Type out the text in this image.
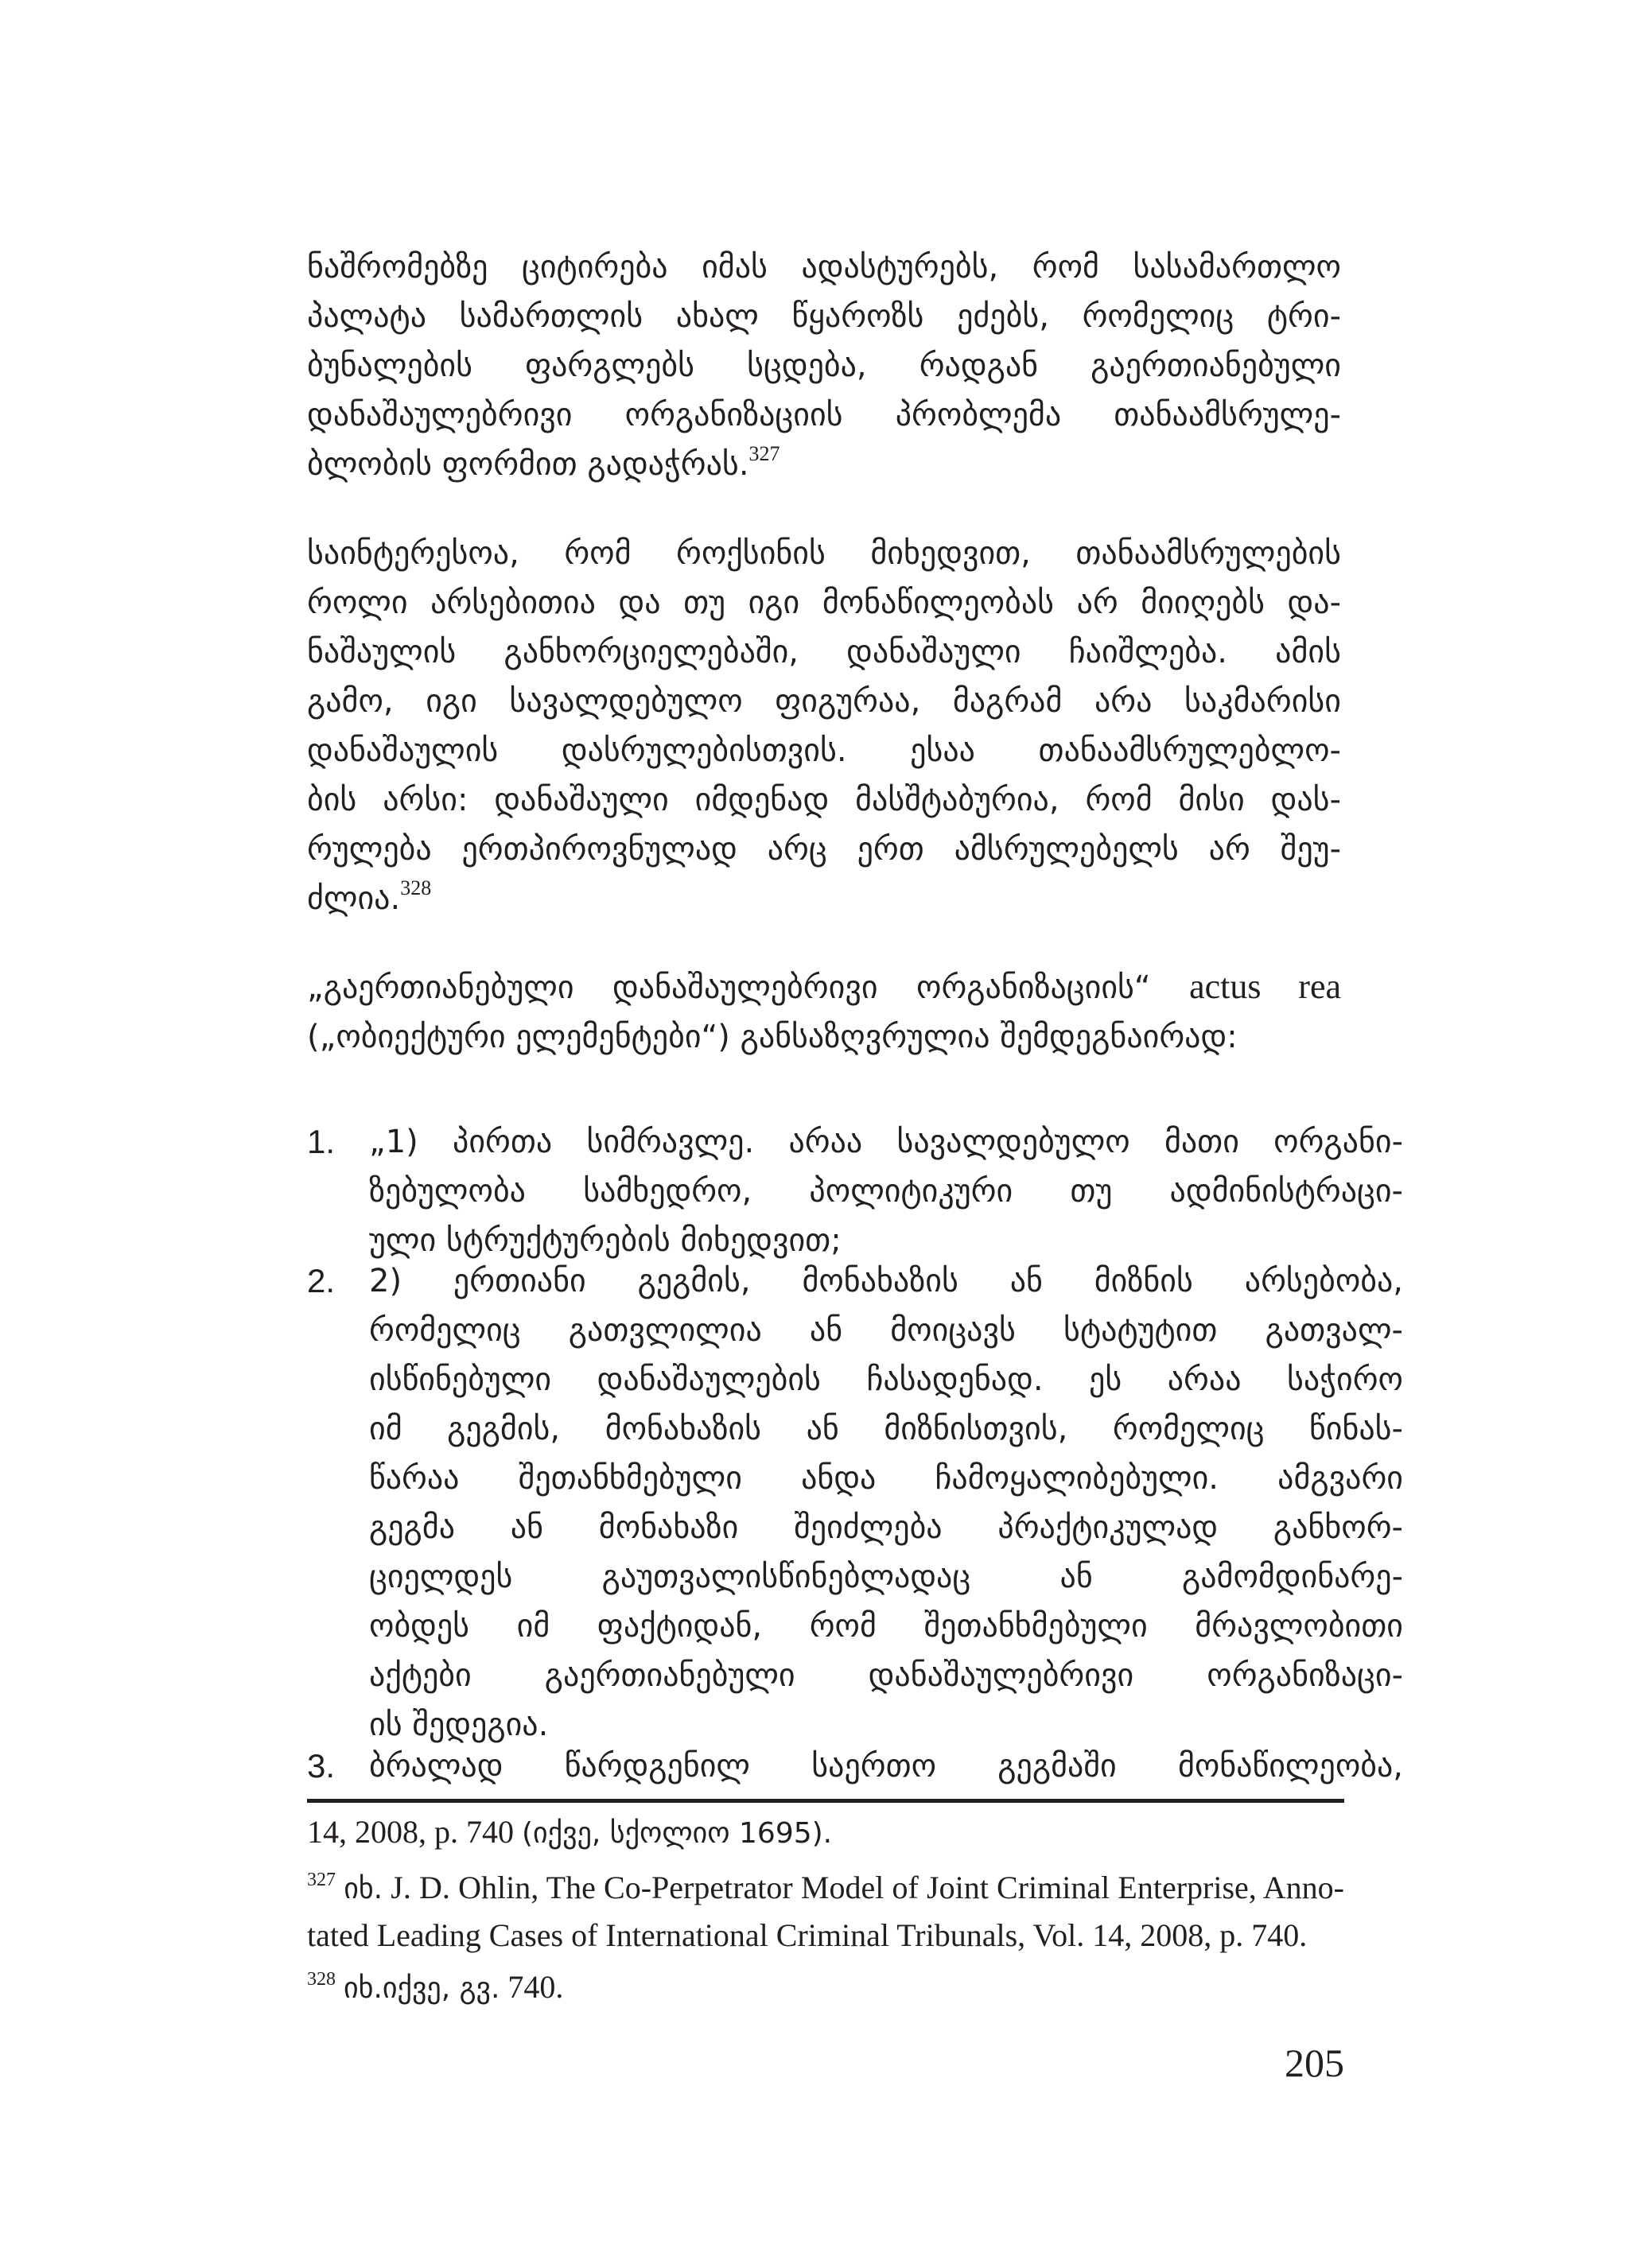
ნაშრომებზე ციტირება იმას ადასტურებს, რომ სასამართლო
პალატა სამართლის ახალ წყაროზს ეძებს, რომელიც ტრი-
ბუნალების ფარგლებს სცდება, რადგან გაერთიანებული
დანაშაულებრივი ორგანიზაციის პრობლემა თანაამსრულე-
ბლობის ფორმით გადაჭრას.$^{327}$

საინტერესოა, რომ როქსინის მიხედვით, თანაამსრულების
როლი არსებითია და თუ იგი მონაწილეობას არ მიიღებს და-
ნაშაულის განხორციელებაში, დანაშაული ჩაიშლება. ამის
გამო, იგი სავალდებულო ფიგურაა, მაგრამ არა საკმარისი
დანაშაულის დასრულებისთვის. ესაა თანაამსრულებლო-
ბის არსი: დანაშაული იმდენად მასშტაბურია, რომ მისი დას-
რულება ერთპიროვნულად არც ერთ ამსრულებელს არ შეუ-
ძლია.$^{328}$

„გაერთიანებული დანაშაულებრივი ორგანიზაციის“ actus rea
(„ობიექტური ელემენტები“) განსაზღვრულია შემდეგნაირად:

1. „1) პირთა სიმრავლე. არაა სავალდებულო მათი ორგანი-
ზებულობა სამხედრო, პოლიტიკური თუ ადმინისტრაცი-
ული სტრუქტურების მიხედვით;
2. 2) ერთიანი გეგმის, მონახაზის ან მიზნის არსებობა,
რომელიც გათვლილია ან მოიცავს სტატუტით გათვალ-
ისწინებული დანაშაულების ჩასადენად. ეს არაა საჭირო
იმ გეგმის, მონახაზის ან მიზნისთვის, რომელიც წინას-
წარაა შეთანხმებული ანდა ჩამოყალიბებული. ამგვარი
გეგმა ან მონახაზი შეიძლება პრაქტიკულად განხორ-
ციელდეს გაუთვალისწინებლადაც ან გამომდინარე-
ობდეს იმ ფაქტიდან, რომ შეთანხმებული მრავლობითი
აქტები გაერთიანებული დანაშაულებრივი ორგანიზაცი-
ის შედეგია.
3. ბრალად წარდგენილ საერთო გეგმაში მონაწილეობა,

14, 2008, p. 740 (იქვე, სქოლიო 1695).

$^{327}$ იხ. J. D. Ohlin, The Co-Perpetrator Model of Joint Criminal Enterprise, Anno-
tated Leading Cases of International Criminal Tribunals, Vol. 14, 2008, p. 740.

$^{328}$ იხ.იქვე, გვ. 740.

205
